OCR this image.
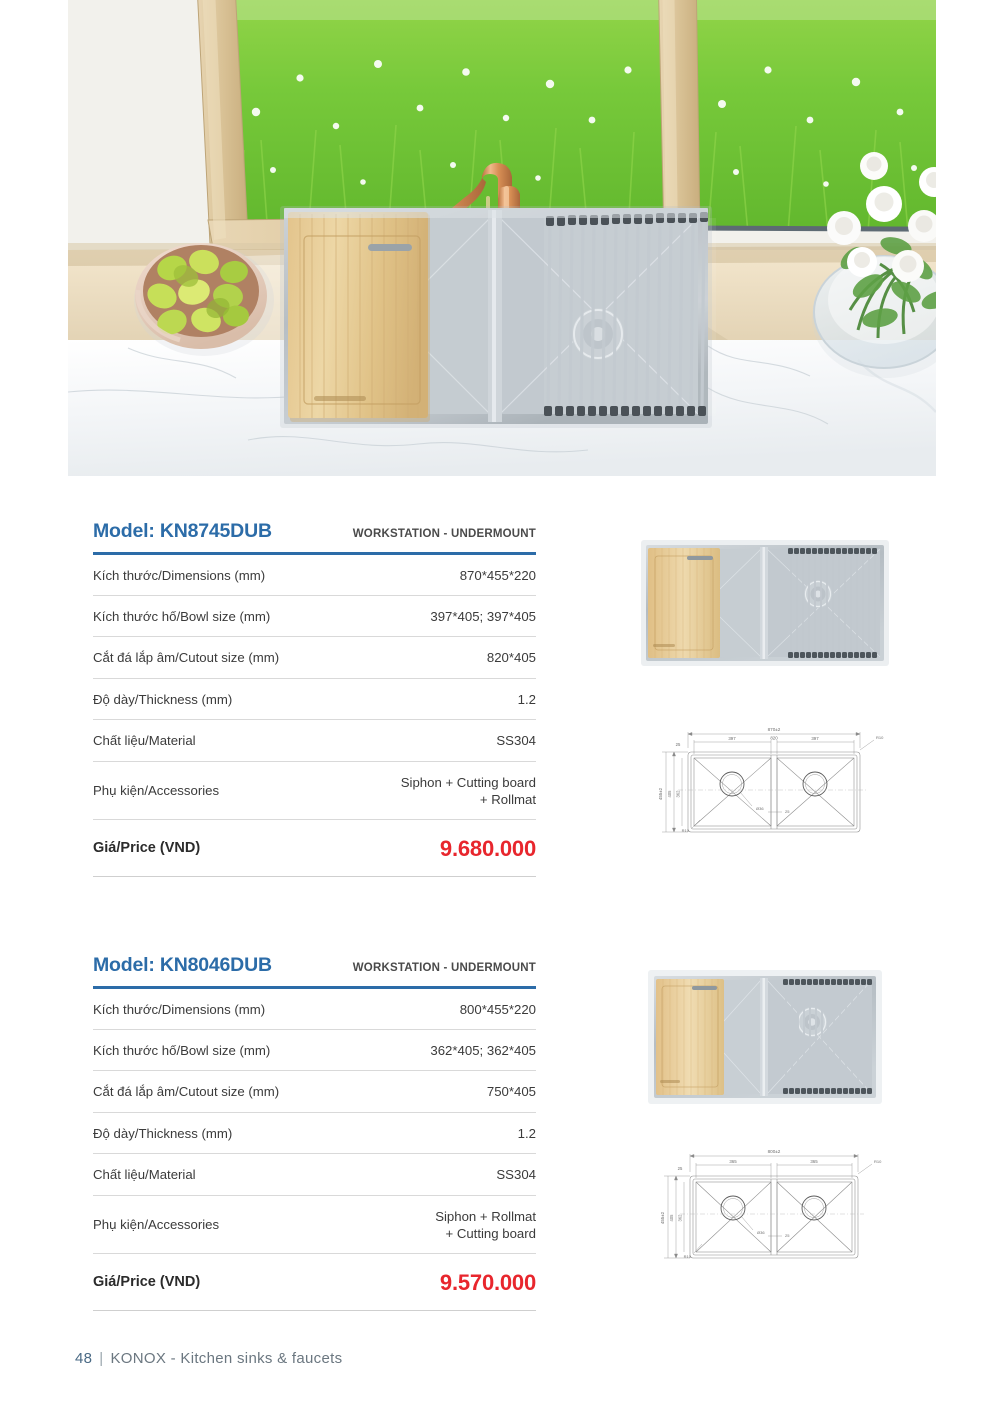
Model: KN8745DUB	WORKSTATION - UNDERMOUNT
Kích thước/Dimensions (mm)	870*455*220
Kích thước hố/Bowl size (mm)	397*405; 397*405
Cắt đá lắp âm/Cutout size (mm)	820*405
Độ dày/Thickness (mm)	1.2
Chất liệu/Material	SS304
Phụ kiện/Accessories	Siphon + Cutting board
+ Rollmat
Giá/Price (VND)	9.680.000
870±2
820
397	397
25
455±2 405 362
Ø36
R10
25
R10
Model: KN8046DUB	WORKSTATION - UNDERMOUNT
Kích thước/Dimensions (mm)	800*455*220
Kích thước hố/Bowl size (mm)	362*405; 362*405
Cắt đá lắp âm/Cutout size (mm)	750*405
Độ dày/Thickness (mm)	1.2
Chất liệu/Material	SS304
Phụ kiện/Accessories	Siphon + Rollmat
+ Cutting board
Giá/Price (VND)	9.570.000
800±2
365	365
25
455±2 405 362
Ø36
R10
25
R10
48 | KONOX - Kitchen sinks & faucets
